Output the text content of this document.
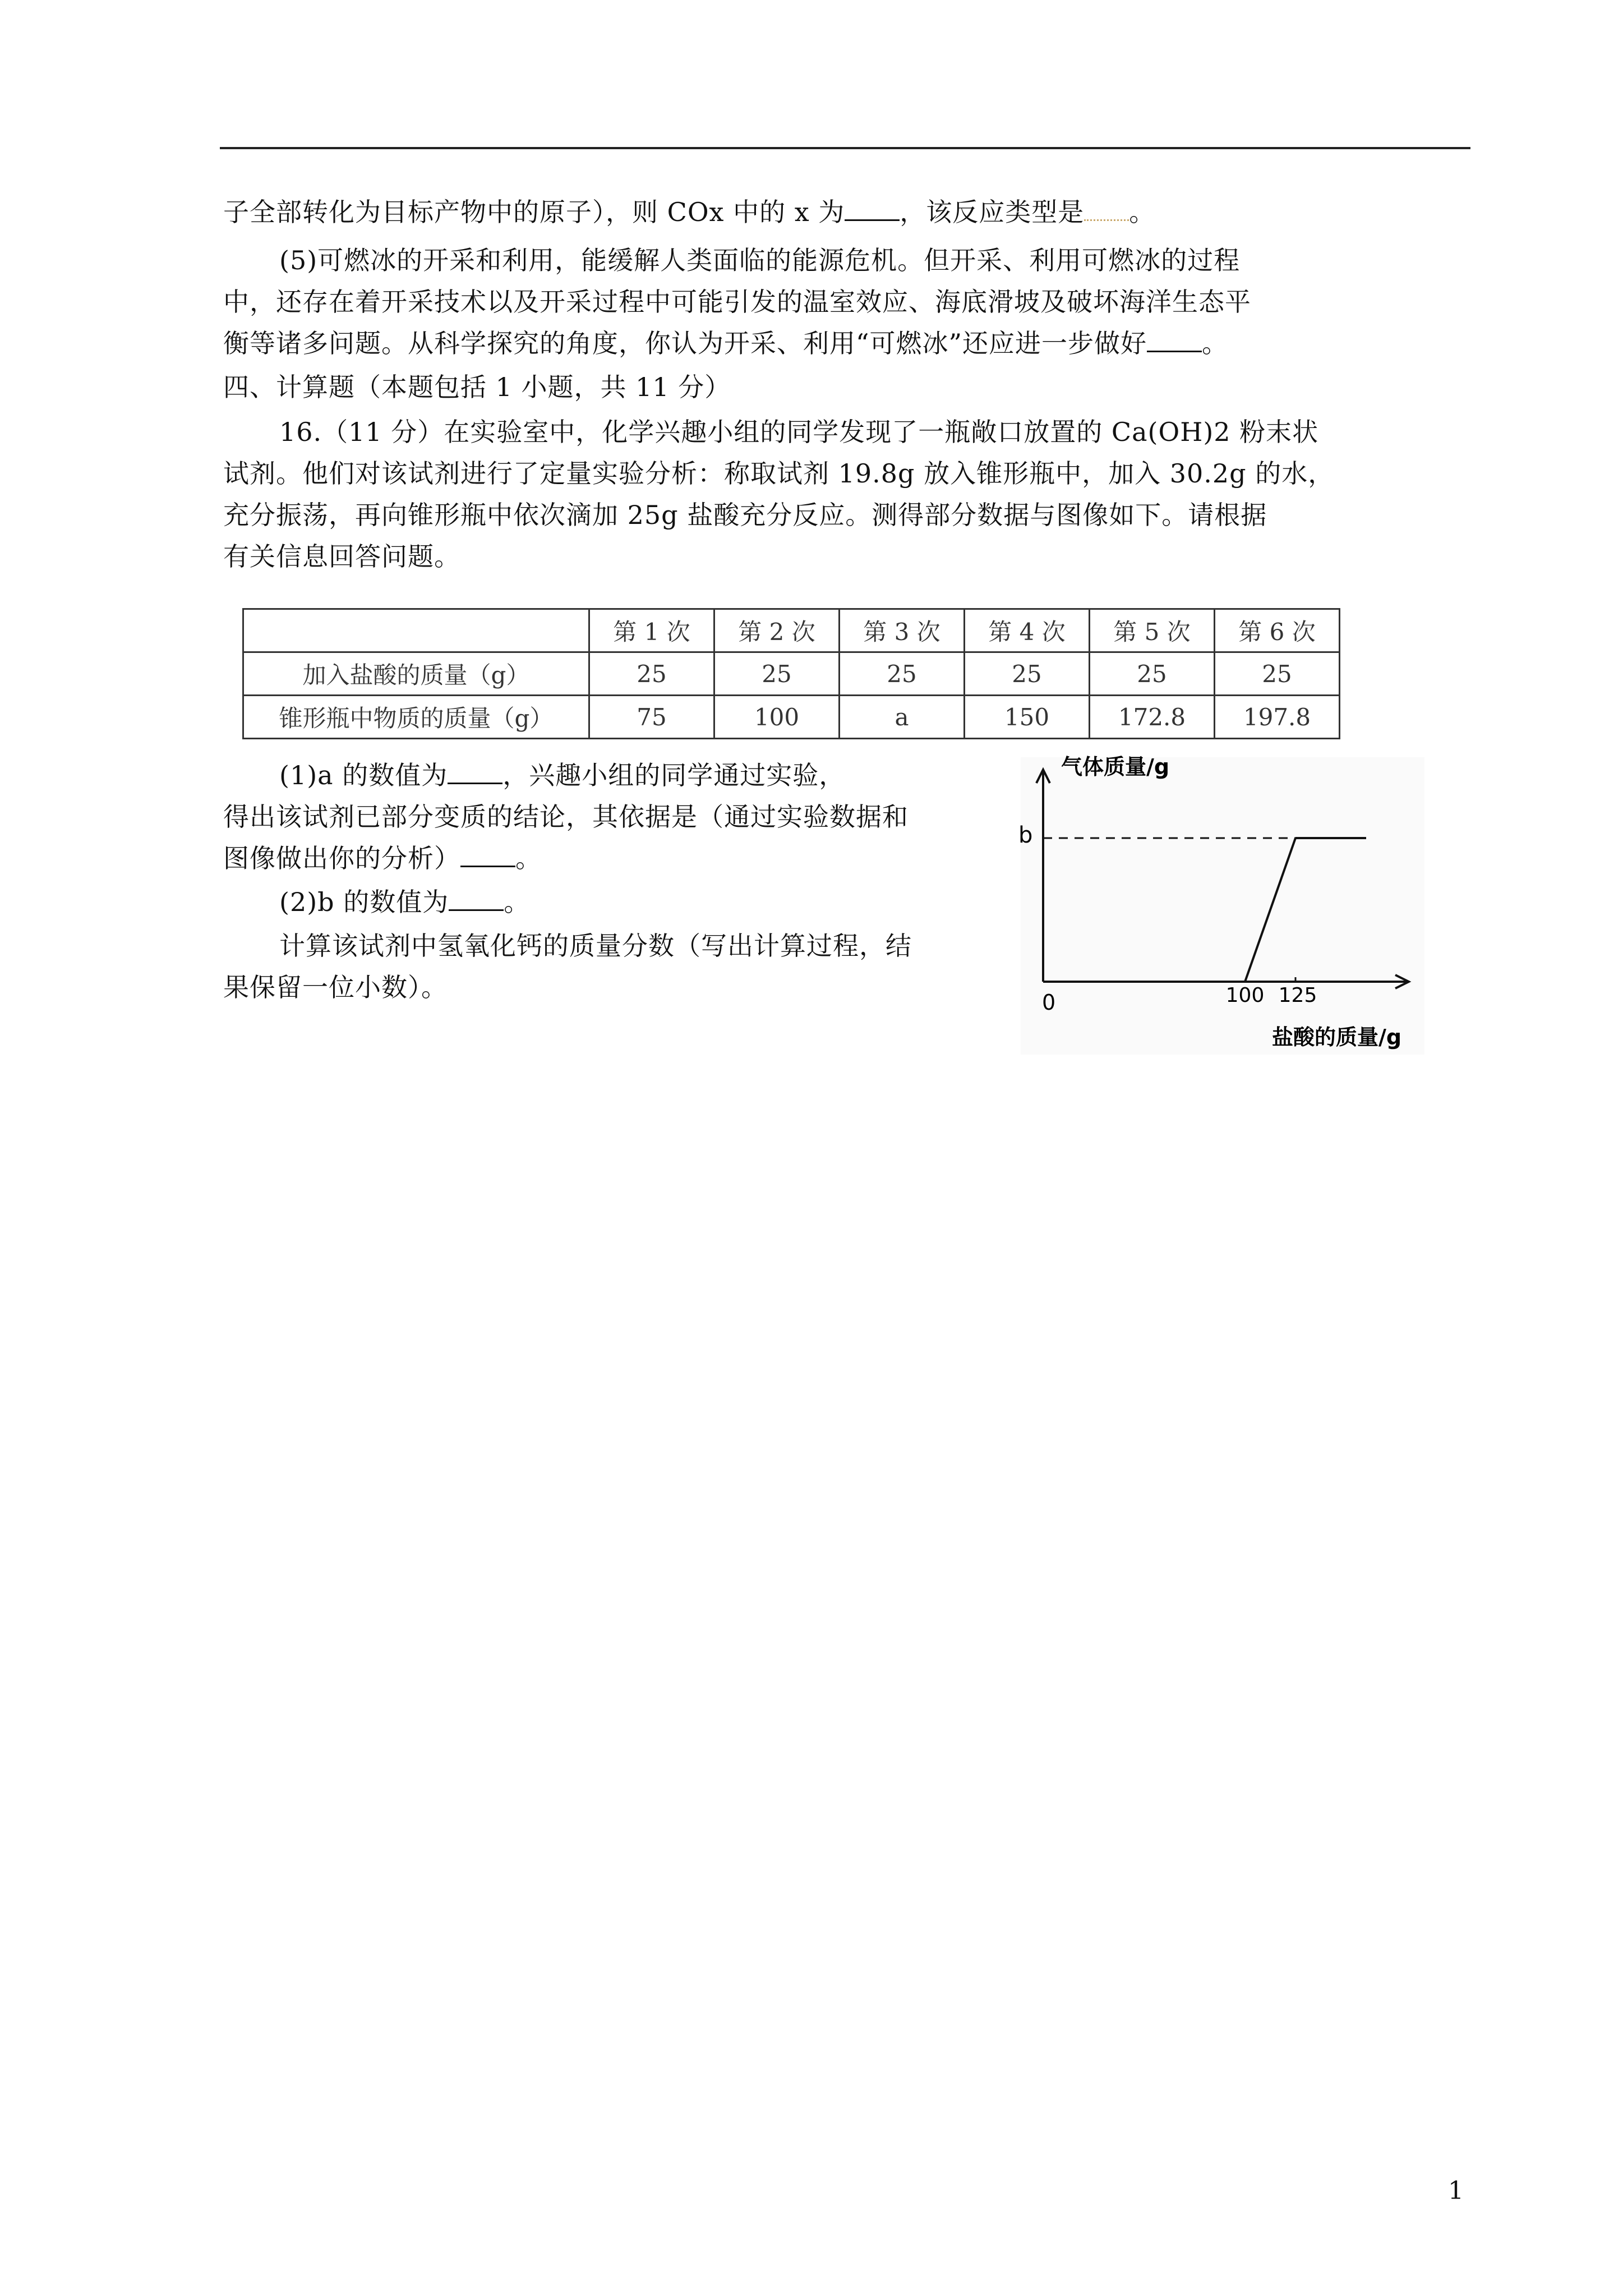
子全部转化为目标产物中的原子），则 COx 中的 x 为 ，该反应类型是 。
(5)可燃冰的开采和利用，能缓解人类面临的能源危机。但开采、利用可燃冰的过程
中，还存在着开采技术以及开采过程中可能引发的温室效应、海底滑坡及破坏海洋生态平
衡等诸多问题。从科学探究的角度，你认为开采、利用“可燃冰”还应进一步做好 。
四、计算题（本题包括 1 小题，共 11 分）
16.（11 分）在实验室中，化学兴趣小组的同学发现了一瓶敞口放置的 Ca(OH)2 粉末状
试剂。他们对该试剂进行了定量实验分析：称取试剂 19.8g 放入锥形瓶中，加入 30.2g 的水，
充分振荡，再向锥形瓶中依次滴加 25g 盐酸充分反应。测得部分数据与图像如下。请根据
有关信息回答问题。
	第 1 次	第 2 次	第 3 次	第 4 次	第 5 次	第 6 次
加入盐酸的质量（g）	25	25	25	25	25	25
锥形瓶中物质的质量（g）	75	100	a	150	172.8	197.8
(1)a 的数值为 ，兴趣小组的同学通过实验，
得出该试剂已部分变质的结论，其依据是（通过实验数据和
图像做出你的分析） 。
(2)b 的数值为 。
计算该试剂中氢氧化钙的质量分数（写出计算过程，结
果保留一位小数）。
气体质量/g
b
0	100 125
盐酸的质量/g
1
